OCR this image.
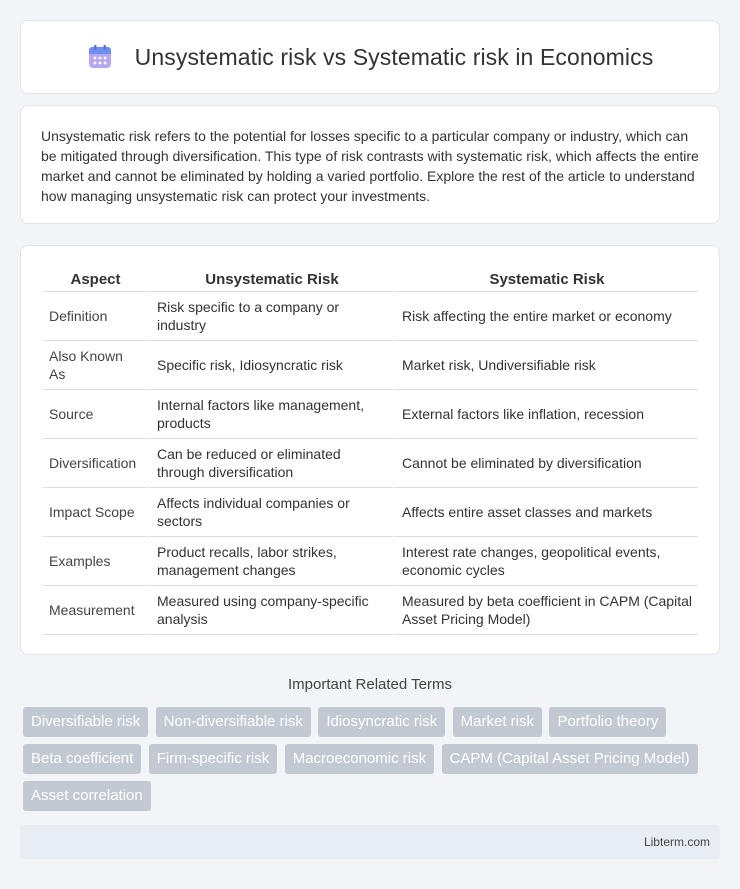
Unsystematic risk vs Systematic risk in Economics

Unsystematic risk refers to the potential for losses specific to a particular company or industry, which can be mitigated through diversification. This type of risk contrasts with systematic risk, which affects the entire market and cannot be eliminated by holding a varied portfolio. Explore the rest of the article to understand how managing unsystematic risk can protect your investments.

Aspect	Unsystematic Risk	Systematic Risk
Definition	Risk specific to a company or industry	Risk affecting the entire market or economy
Also Known As	Specific risk, Idiosyncratic risk	Market risk, Undiversifiable risk
Source	Internal factors like management, products	External factors like inflation, recession
Diversification	Can be reduced or eliminated through diversification	Cannot be eliminated by diversification
Impact Scope	Affects individual companies or sectors	Affects entire asset classes and markets
Examples	Product recalls, labor strikes, management changes	Interest rate changes, geopolitical events, economic cycles
Measurement	Measured using company-specific analysis	Measured by beta coefficient in CAPM (Capital Asset Pricing Model)
Important Related Terms
Diversifiable risk Non-diversifiable risk Idiosyncratic risk Market risk Portfolio theory Beta coefficient Firm-specific risk Macroeconomic risk CAPM (Capital Asset Pricing Model) Asset correlation
Libterm.com
